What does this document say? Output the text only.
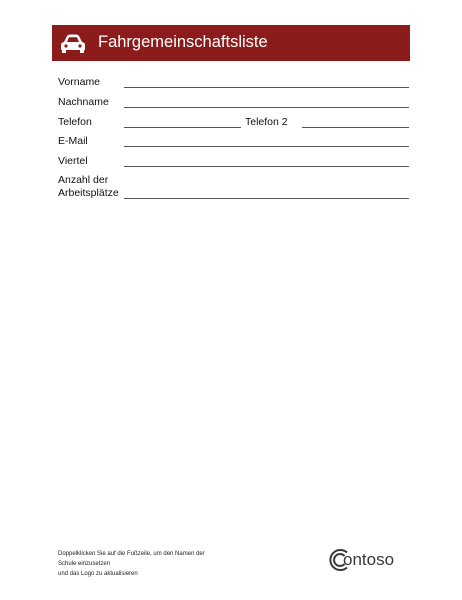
Fahrgemeinschaftsliste
Vorname
Nachname
Telefon	Telefon 2
E-Mail
Viertel
Anzahl der
Arbeitsplätze
Doppelklicken Sie auf die Fußzeile, um den Namen der
Schule einzusetzen
und das Logo zu aktualisieren
ontoso
